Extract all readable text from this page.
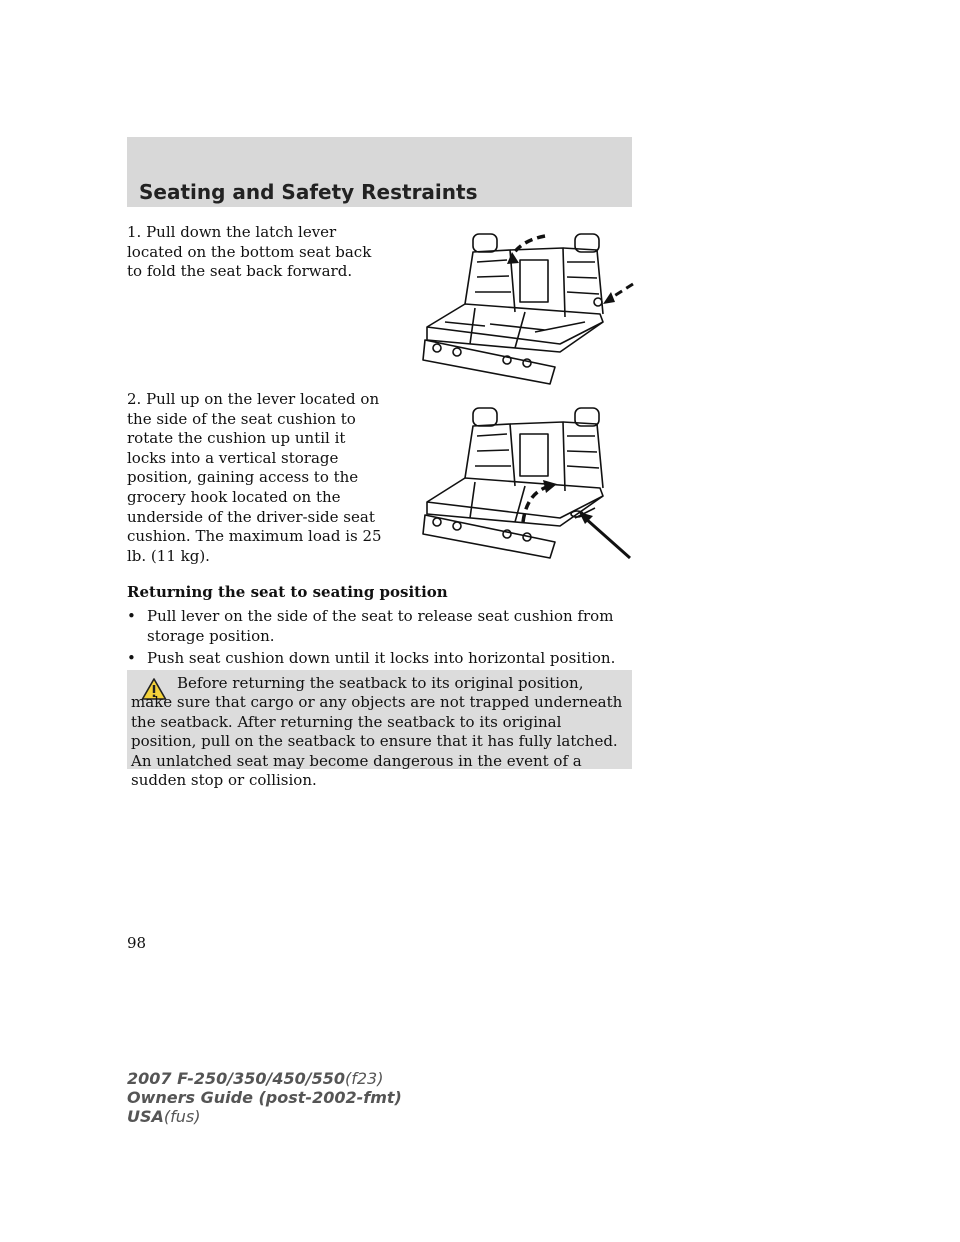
Seating and Safety Restraints
1. Pull down the latch lever located on the bottom seat back to fold the seat back forward.
2. Pull up on the lever located on the side of the seat cushion to rotate the cushion up until it locks into a vertical storage position, gaining access to the grocery hook located on the underside of the driver-side seat cushion. The maximum load is 25 lb. (11 kg).
Returning the seat to seating position
• Pull lever on the side of the seat to release seat cushion from storage position.
• Push seat cushion down until it locks into horizontal position.

Before returning the seatback to its original position, make sure that cargo or any objects are not trapped underneath the seatback. After returning the seatback to its original position, pull on the seatback to ensure that it has fully latched. An unlatched seat may become dangerous in the event of a sudden stop or collision.

98
2007 F-250/350/450/550(f23)
Owners Guide (post-2002-fmt)
USA(fus)
